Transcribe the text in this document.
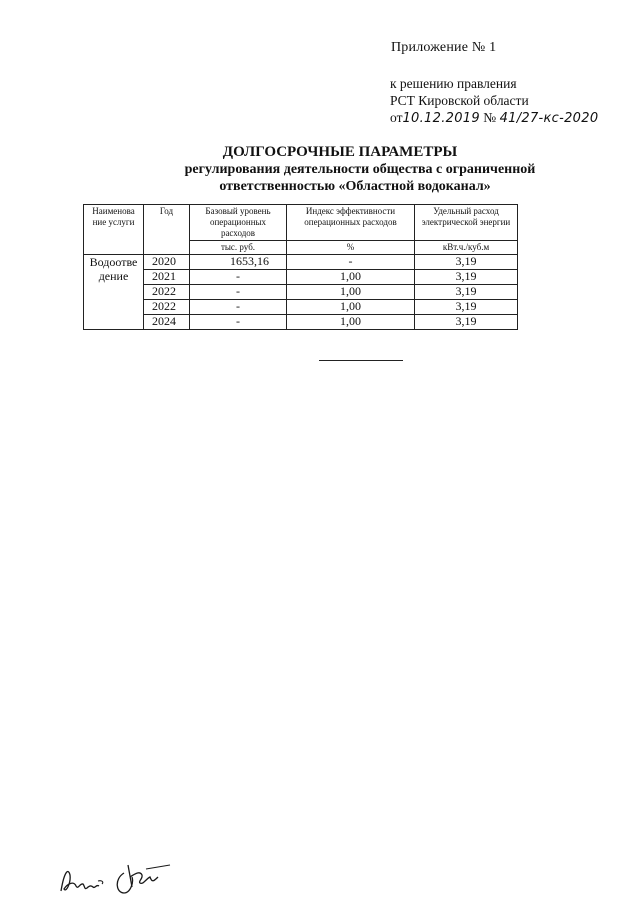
Приложение № 1
к решению правления
РСТ Кировской области
от10.12.2019 № 41/27-кс-2020
ДОЛГОСРОЧНЫЕ ПАРАМЕТРЫ
регулирования деятельности общества с ограниченной
ответственностью «Областной водоканал»
Наименова ние услуги	Год	Базовый уровень операционных расходов	Индекс эффективности операционных расходов	Удельный расход электрической энергии
		тыс. руб.	%	кВт.ч./куб.м
Водоотве дение	2020	1653,16	-	3,19
	2021	-	1,00	3,19
	2022	-	1,00	3,19
	2022	-	1,00	3,19
	2024	-	1,00	3,19
